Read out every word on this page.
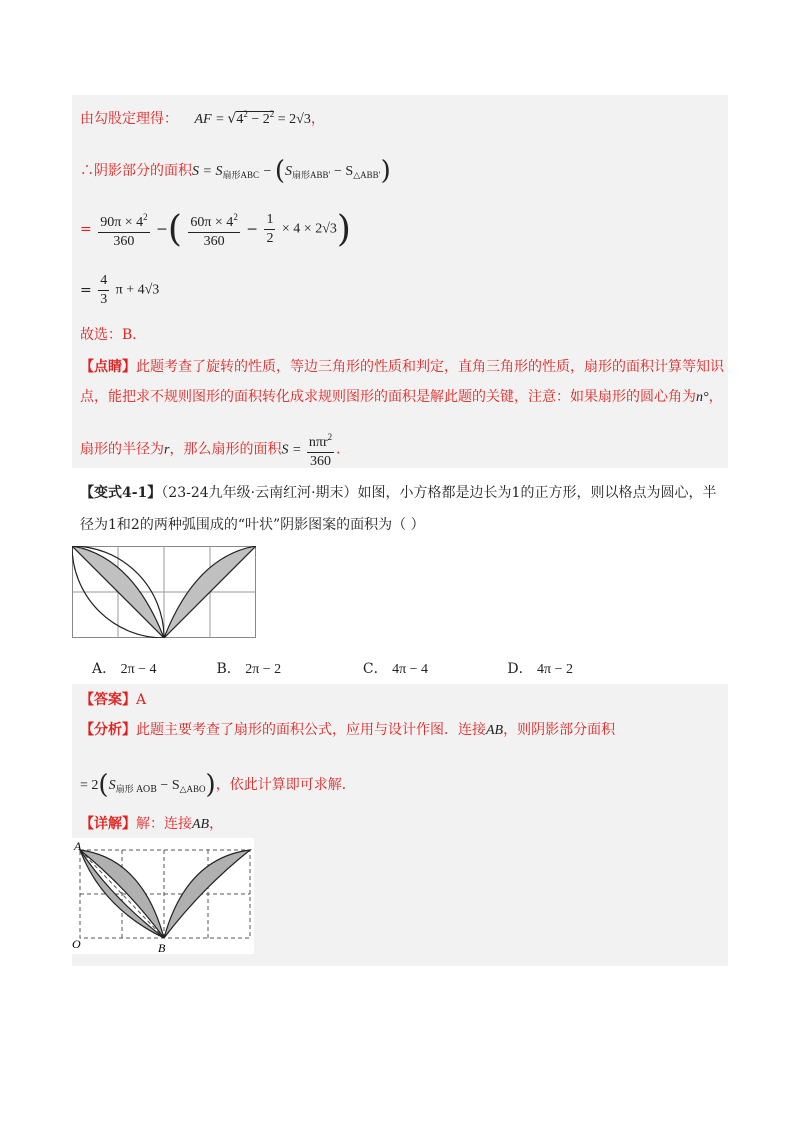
由勾股定理得： AF = $√4^2 - 2^2 = 2√3$，
∴阴影部分的面积$S = S_{扇形ABC} - (S_{扇形ABB'} - S_{\triangle ABB'})$
= $\frac{90\pi \times 4^2}{360}$ −( $\frac{60\pi \times 4^2}{360} - \frac{1}{2} \times 4 \times 2√3$)
= $\frac{4}{3}$ π + 4√3
故选：B．
【点睛】此题考查了旋转的性质，等边三角形的性质和判定，直角三角形的性质，扇形的面积计算等知识
点，能把求不规则图形的面积转化成求规则图形的面积是解此题的关键，注意：如果扇形的圆心角为n°，
扇形的半径为r，那么扇形的面积$S = \frac{n\pi r^2}{360}$ ．
【变式4-1】（23-24九年级·云南红河·期末）如图，小方格都是边长为1的正方形，则以格点为圆心，半
径为1和2的两种弧围成的“叶状”阴影图案的面积为（ ）
A． 2π − 4	B． 2π − 2	C． 4π − 4	D． 4π − 2
【答案】A
【分析】此题主要考查了扇形的面积公式，应用与设计作图．连接AB，则阴影部分面积
= $2(S_{扇形 AOB} - S_{\triangle ABO})$，依此计算即可求解．
【详解】解：连接AB，
A
O	B
